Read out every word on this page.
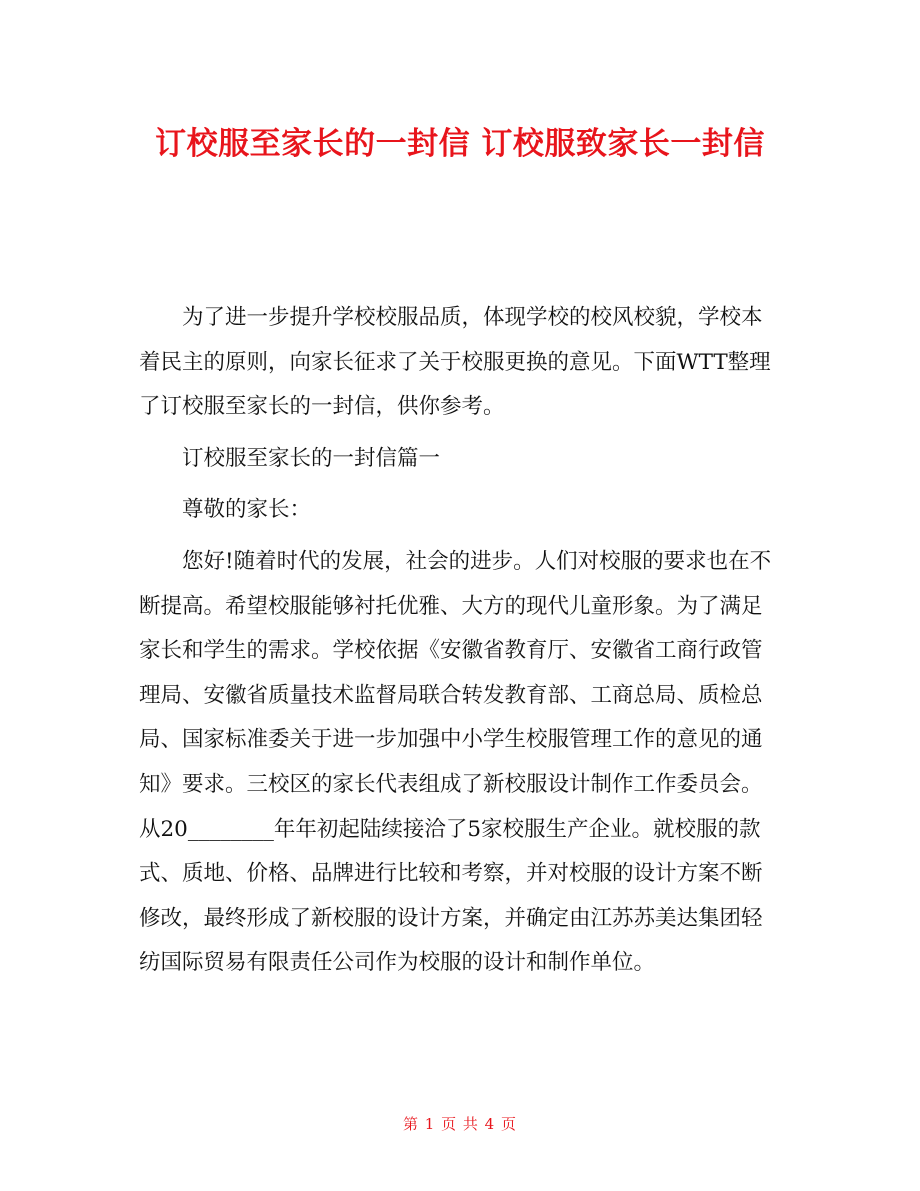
订校服至家长的一封信 订校服致家长一封信

为了进一步提升学校校服品质，体现学校的校风校貌，学校本着民主的原则，向家长征求了关于校服更换的意见。下面WTT整理了订校服至家长的一封信，供你参考。

订校服至家长的一封信篇一

尊敬的家长：

您好!随着时代的发展，社会的进步。人们对校服的要求也在不断提高。希望校服能够衬托优雅、大方的现代儿童形象。为了满足家长和学生的需求。学校依据《安徽省教育厅、安徽省工商行政管理局、安徽省质量技术监督局联合转发教育部、工商总局、质检总局、国家标准委关于进一步加强中小学生校服管理工作的意见的通知》要求。三校区的家长代表组成了新校服设计制作工作委员会。从20________年年初起陆续接洽了5家校服生产企业。就校服的款式、质地、价格、品牌进行比较和考察，并对校服的设计方案不断修改，最终形成了新校服的设计方案，并确定由江苏苏美达集团轻纺国际贸易有限责任公司作为校服的设计和制作单位。

第 1 页 共 4 页
